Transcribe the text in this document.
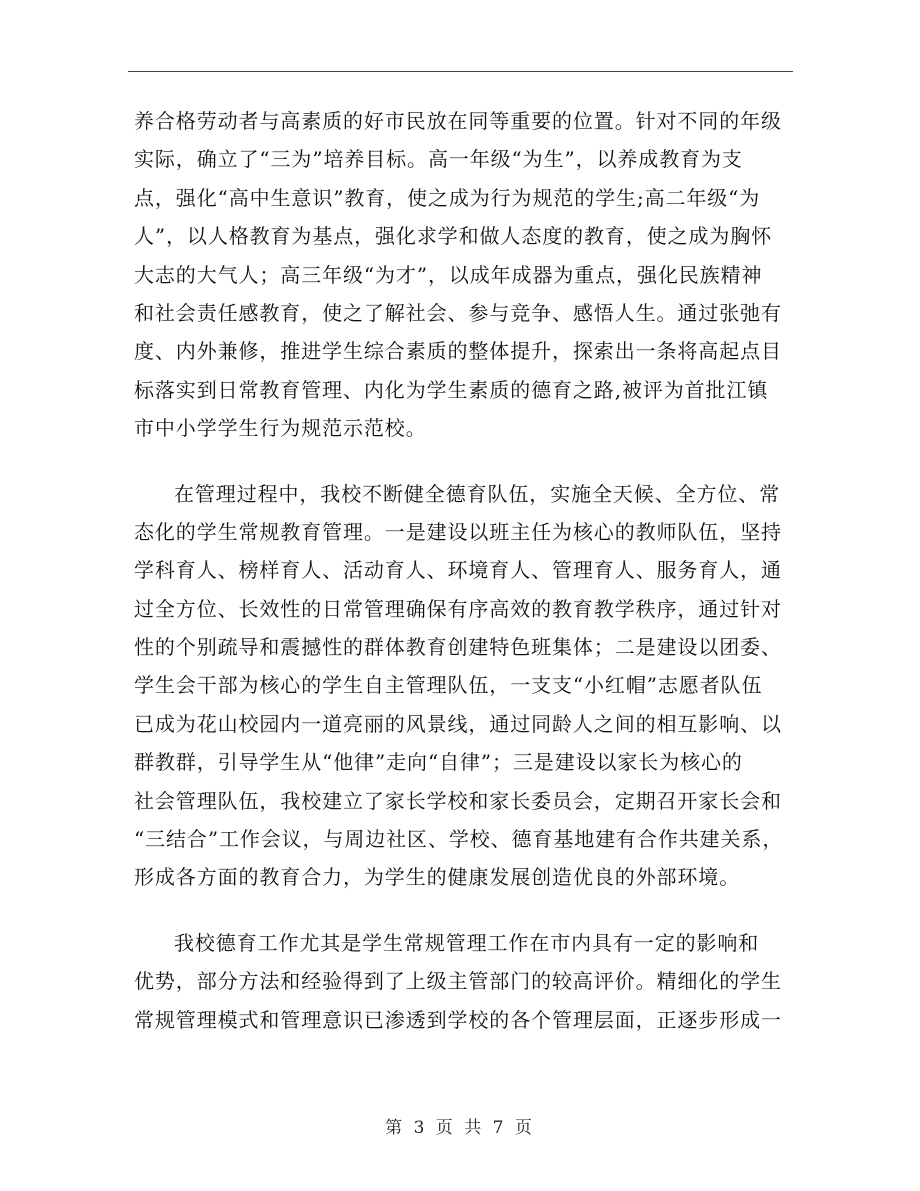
养合格劳动者与高素质的好市民放在同等重要的位置。针对不同的年级
实际，确立了“三为”培养目标。高一年级“为生”，以养成教育为支
点，强化“高中生意识”教育，使之成为行为规范的学生;高二年级“为
人”，以人格教育为基点，强化求学和做人态度的教育，使之成为胸怀
大志的大气人；高三年级“为才”，以成年成器为重点，强化民族精神
和社会责任感教育，使之了解社会、参与竞争、感悟人生。通过张弛有
度、内外兼修，推进学生综合素质的整体提升，探索出一条将高起点目
标落实到日常教育管理、内化为学生素质的德育之路,被评为首批江镇
市中小学学生行为规范示范校。
在管理过程中，我校不断健全德育队伍，实施全天候、全方位、常
态化的学生常规教育管理。一是建设以班主任为核心的教师队伍，坚持
学科育人、榜样育人、活动育人、环境育人、管理育人、服务育人，通
过全方位、长效性的日常管理确保有序高效的教育教学秩序，通过针对
性的个别疏导和震撼性的群体教育创建特色班集体；二是建设以团委、
学生会干部为核心的学生自主管理队伍，一支支“小红帽”志愿者队伍
已成为花山校园内一道亮丽的风景线，通过同龄人之间的相互影响、以
群教群，引导学生从“他律”走向“自律”；三是建设以家长为核心的
社会管理队伍，我校建立了家长学校和家长委员会，定期召开家长会和
“三结合”工作会议，与周边社区、学校、德育基地建有合作共建关系，
形成各方面的教育合力，为学生的健康发展创造优良的外部环境。
我校德育工作尤其是学生常规管理工作在市内具有一定的影响和
优势，部分方法和经验得到了上级主管部门的较高评价。精细化的学生
常规管理模式和管理意识已渗透到学校的各个管理层面，正逐步形成一
第 3 页 共 7 页
